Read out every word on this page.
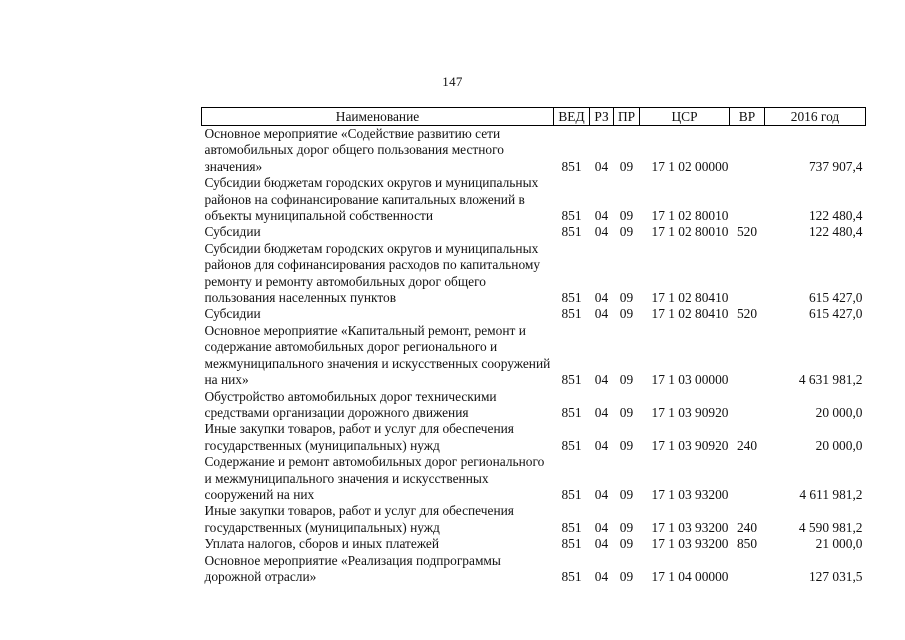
147
Наименование	ВЕД	РЗ	ПР	ЦСР	ВР	2016 год
Основное мероприятие «Содействие развитию сети автомобильных дорог общего пользования местного значения»	851	04	09	17 1 02 00000		737 907,4
Субсидии бюджетам городских округов и муниципальных районов на софинансирование капитальных вложений в объекты муниципальной собственности	851	04	09	17 1 02 80010		122 480,4
Субсидии	851	04	09	17 1 02 80010	520	122 480,4
Субсидии бюджетам городских округов и муниципальных районов для софинансирования расходов по капитальному ремонту и ремонту автомобильных дорог общего пользования населенных пунктов	851	04	09	17 1 02 80410		615 427,0
Субсидии	851	04	09	17 1 02 80410	520	615 427,0
Основное мероприятие «Капитальный ремонт, ремонт и содержание автомобильных дорог регионального и межмуниципального значения и искусственных сооружений на них»	851	04	09	17 1 03 00000		4 631 981,2
Обустройство автомобильных дорог техническими средствами организации дорожного движения	851	04	09	17 1 03 90920		20 000,0
Иные закупки товаров, работ и услуг для обеспечения государственных (муниципальных) нужд	851	04	09	17 1 03 90920	240	20 000,0
Содержание и ремонт автомобильных дорог регионального и межмуниципального значения и искусственных сооружений на них	851	04	09	17 1 03 93200		4 611 981,2
Иные закупки товаров, работ и услуг для обеспечения государственных (муниципальных) нужд	851	04	09	17 1 03 93200	240	4 590 981,2
Уплата налогов, сборов и иных платежей	851	04	09	17 1 03 93200	850	21 000,0
Основное мероприятие «Реализация подпрограммы дорожной отрасли»	851	04	09	17 1 04 00000		127 031,5
